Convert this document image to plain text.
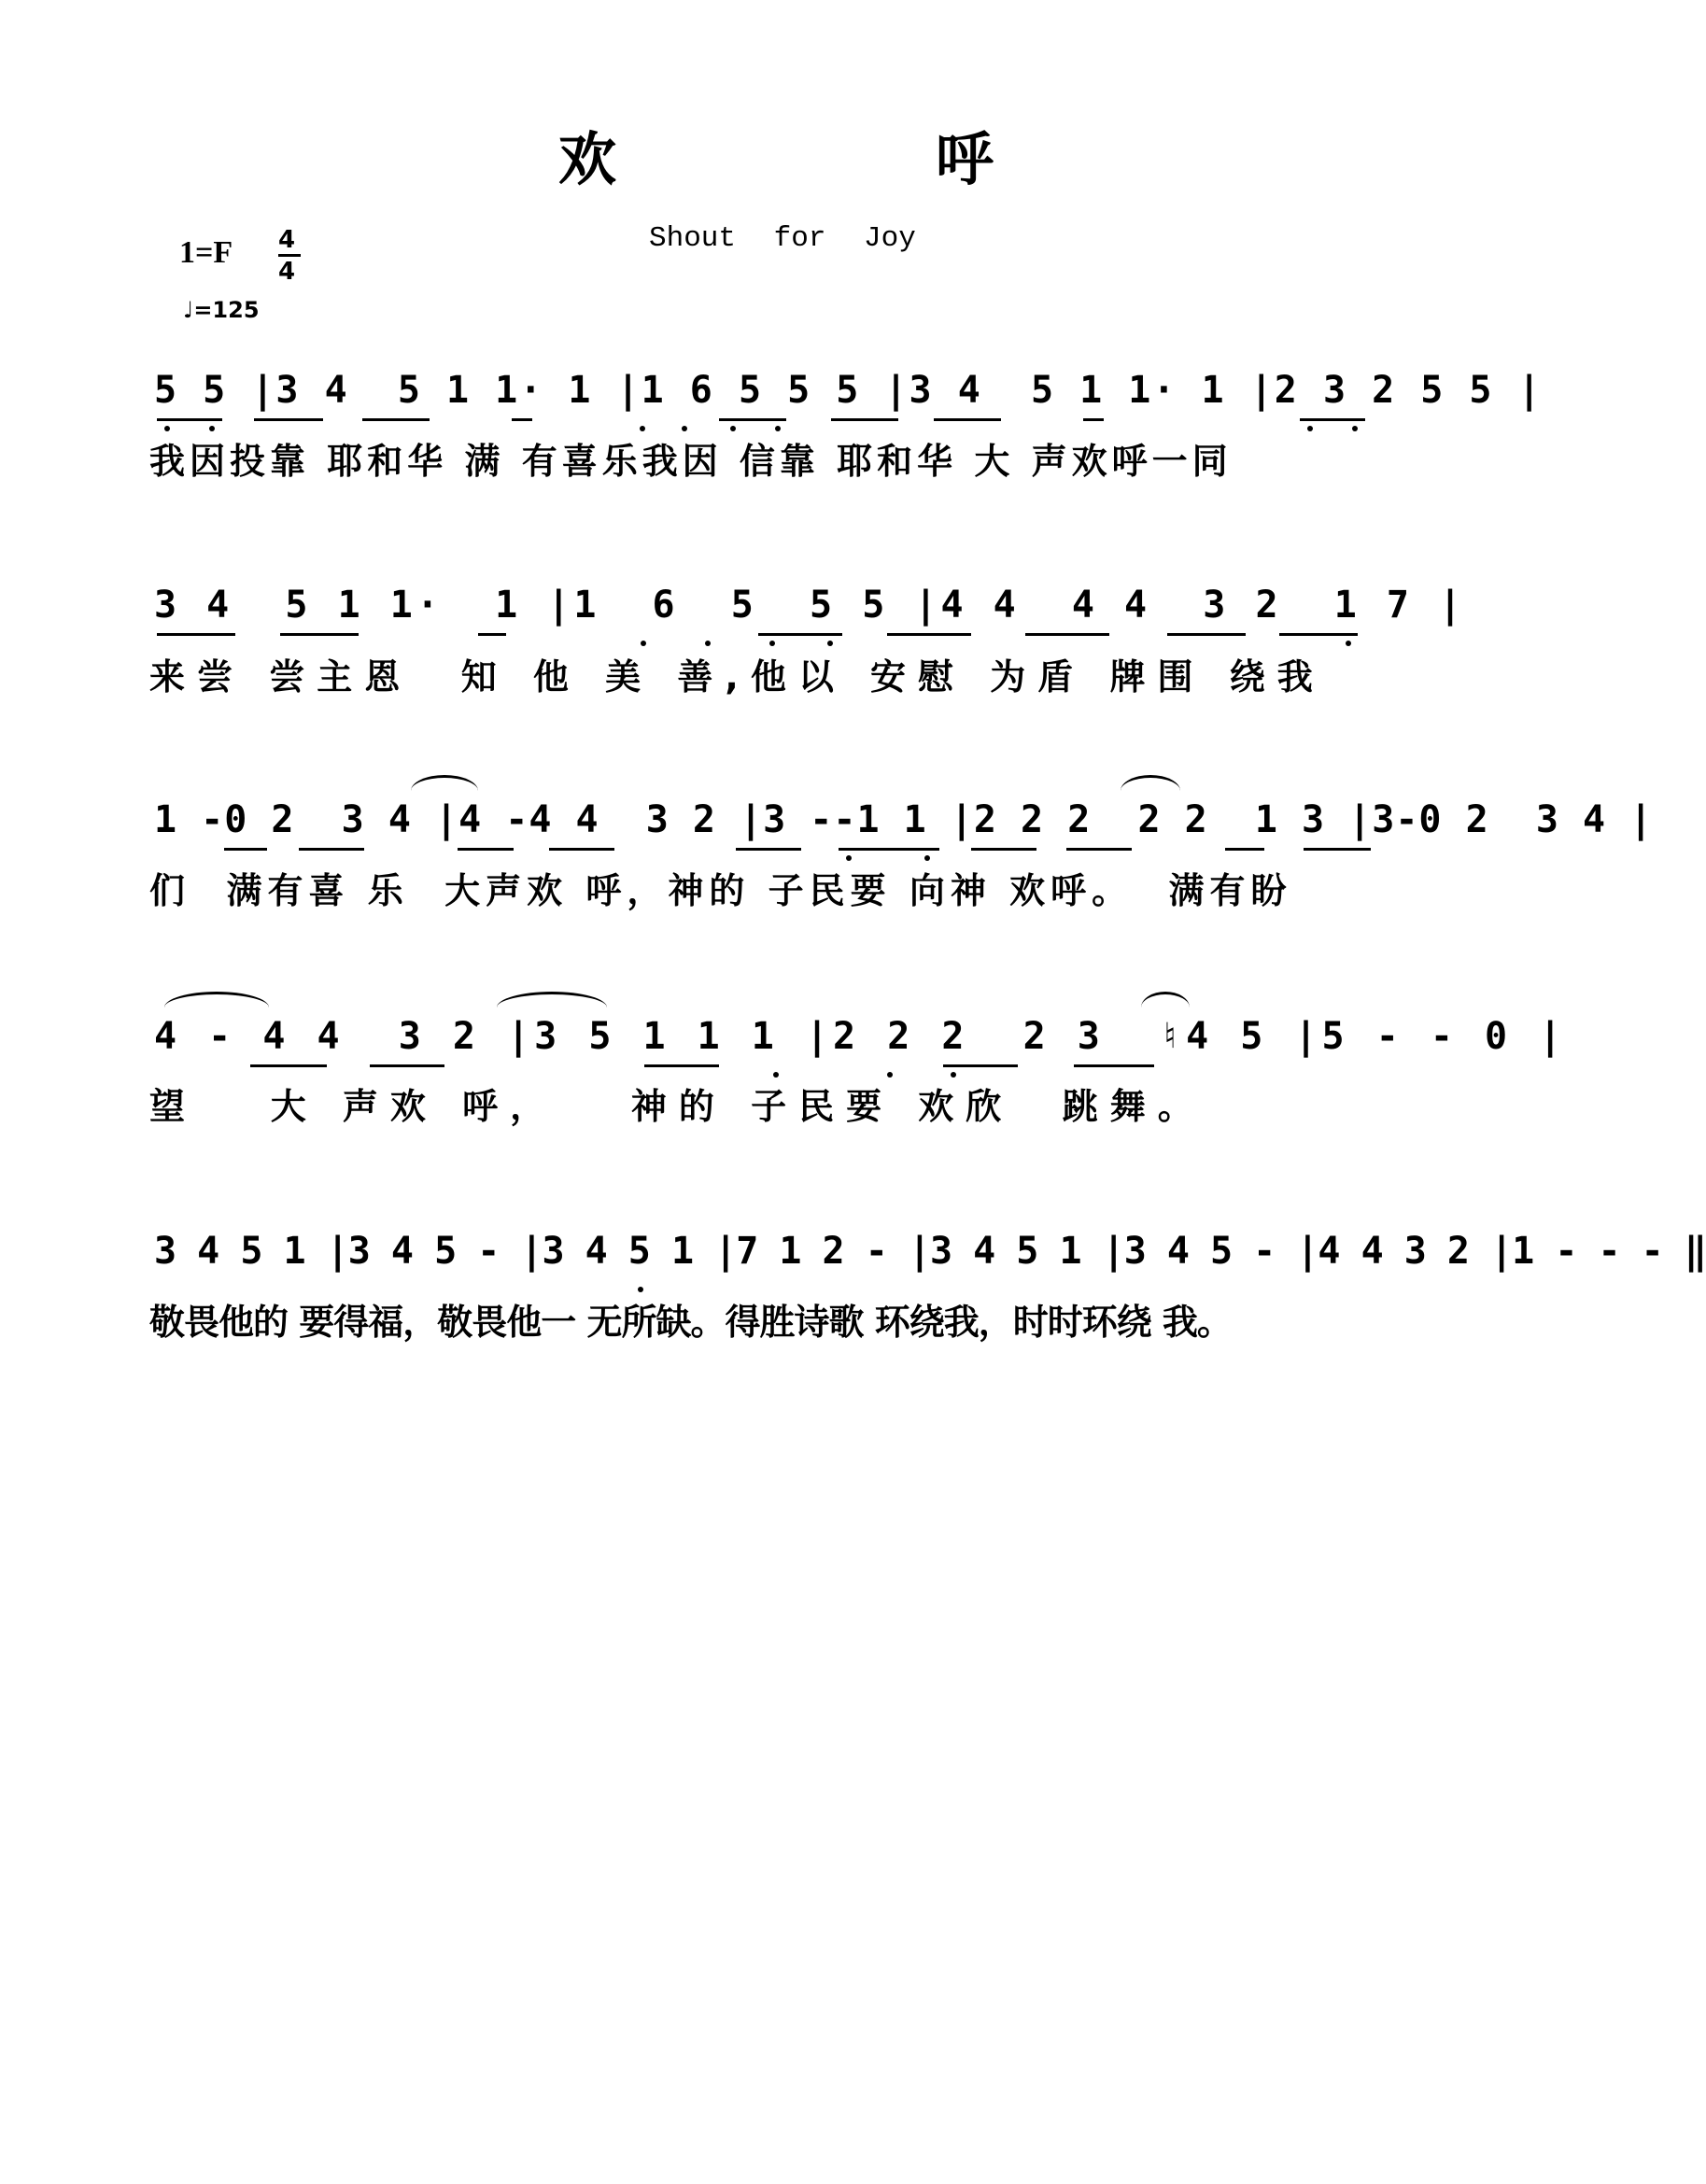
欢	呼
Shout for Joy
1=F 4
4
♩=125
5 5 |3 4  5 1 1· 1 |1 6 5 5 5 |3 4  5 1 1· 1 |2 3 2 5 5 |
我因投靠 耶和华 满 有喜乐我因 信靠 耶和华 大 声欢呼一同
3 4  5 1 1·  1 |1  6  5  5 5 |4 4  4 4  3 2  1 7 |
来尝 尝主恩  知 他 美 善,他以 安慰 为盾 牌围 绕我
1 -0 2  3 4 |4 -4 4  3 2 |3 --1 1 |2 2 2  2 2  1 3 |3-0 2  3 4 |
们  满有喜 乐  大声欢 呼，神的 子民要 向神 欢呼。  满有盼
4 - 4 4  3 2 |3 5 1 1 1 |2 2 2  2 3  ♮4 5 |5 - - 0 |
望   大 声欢 呼，   神的 子民要 欢欣  跳舞。
3 4 5 1 |3 4 5 - |3 4 5 1 |7 1 2 - |3 4 5 1 |3 4 5 - |4 4 3 2 |1 - - - ‖
敬畏他的 要得福，敬畏他一 无所缺。得胜诗歌 环绕我，时时环绕 我。
